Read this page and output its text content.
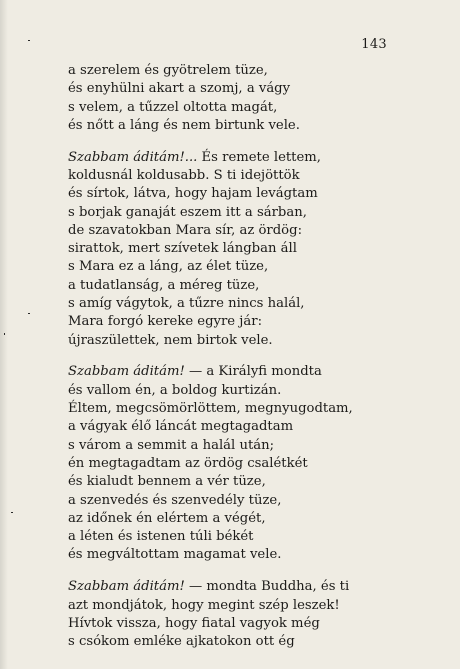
143
a szerelem és gyötrelem tüze,
és enyhülni akart a szomj, a vágy
s velem, a tűzzel oltotta magát,
és nőtt a láng és nem birtunk vele.
Szabbam áditám!... És remete lettem,
koldusnál koldusabb. S ti idejöttök
és sírtok, látva, hogy hajam levágtam
s borjak ganaját eszem itt a sárban,
de szavatokban Mara sír, az ördög:
sirattok, mert szívetek lángban áll
s Mara ez a láng, az élet tüze,
a tudatlanság, a méreg tüze,
s amíg vágytok, a tűzre nincs halál,
Mara forgó kereke egyre jár:
újraszülettek, nem birtok vele.
Szabbam áditám! — a Királyfi mondta
és vallom én, a boldog kurtizán.
Éltem, megcsömörlöttem, megnyugodtam,
a vágyak élő láncát megtagadtam
s várom a semmit a halál után;
én megtagadtam az ördög csalétkét
és kialudt bennem a vér tüze,
a szenvedés és szenvedély tüze,
az időnek én elértem a végét,
a léten és istenen túli békét
és megváltottam magamat vele.
Szabbam áditám! — mondta Buddha, és ti
azt mondjátok, hogy megint szép leszek!
Hívtok vissza, hogy fiatal vagyok még
s csókom emléke ajkatokon ott ég
